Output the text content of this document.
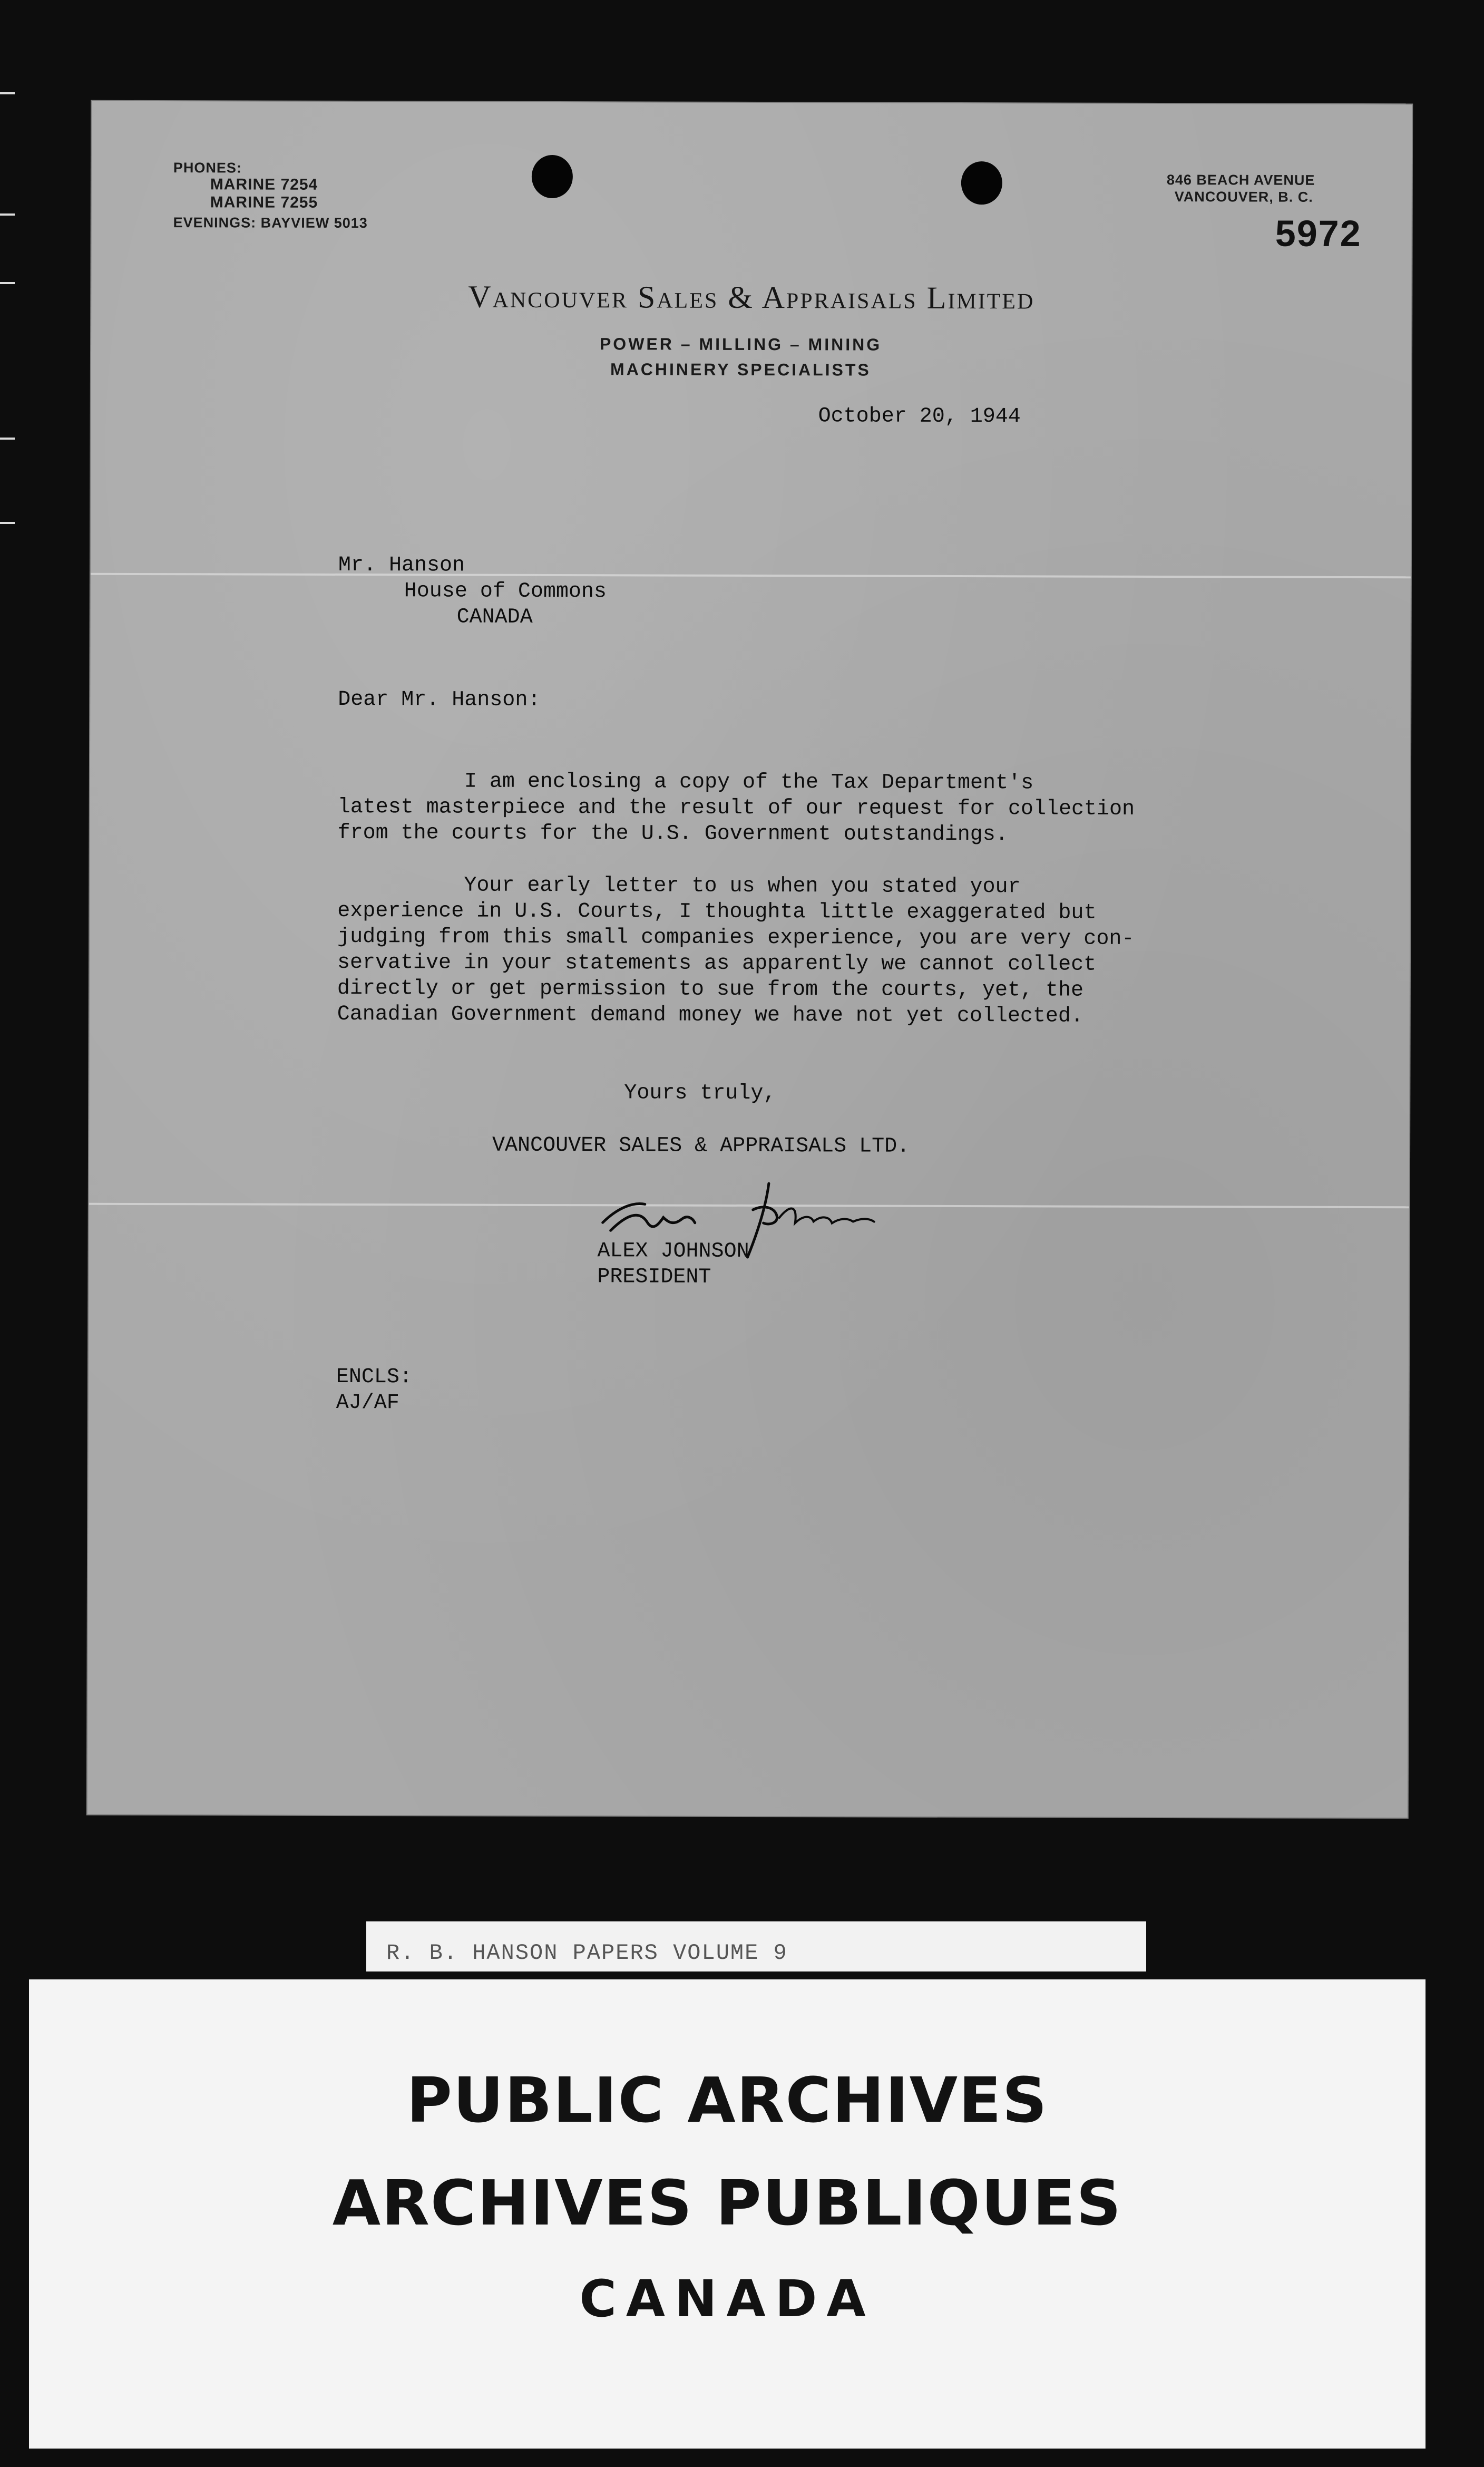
PHONES:
MARINE 7254
MARINE 7255
EVENINGS: BAYVIEW 5013
846 BEACH AVENUE
VANCOUVER, B. C.
5972
Vancouver Sales & Appraisals Limited
POWER – MILLING – MINING
MACHINERY SPECIALISTS
October 20, 1944
Mr. Hanson
House of Commons
CANADA
Dear Mr. Hanson:
I am enclosing a copy of the Tax Department's
latest masterpiece and the result of our request for collection
from the courts for the U.S. Government outstandings.
Your early letter to us when you stated your
experience in U.S. Courts, I thoughta little exaggerated but
judging from this small companies experience, you are very con-
servative in your statements as apparently we cannot collect
directly or get permission to sue from the courts, yet, the
Canadian Government demand money we have not yet collected.
Yours truly,
VANCOUVER SALES & APPRAISALS LTD.
ALEX JOHNSON
PRESIDENT
ENCLS:
AJ/AF
R. B. HANSON PAPERS VOLUME 9
PUBLIC ARCHIVES
ARCHIVES PUBLIQUES
CANADA
